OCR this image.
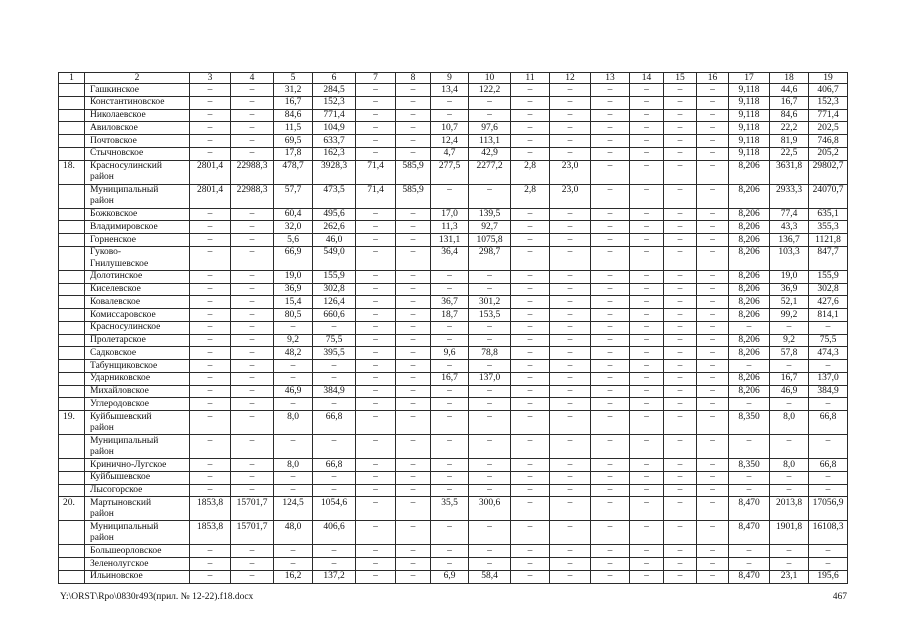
1	2	3	4	5	6	7	8	9	10	11	12	13	14	15	16	17	18	19
	Гашкинское	–	–	31,2	284,5	–	–	13,4	122,2	–	–	–	–	–	–	9,118	44,6	406,7
	Константиновское	–	–	16,7	152,3	–	–	–	–	–	–	–	–	–	–	9,118	16,7	152,3
	Николаевское	–	–	84,6	771,4	–	–	–	–	–	–	–	–	–	–	9,118	84,6	771,4
	Авиловское	–	–	11,5	104,9	–	–	10,7	97,6	–	–	–	–	–	–	9,118	22,2	202,5
	Почтовское	–	–	69,5	633,7	–	–	12,4	113,1	–	–	–	–	–	–	9,118	81,9	746,8
	Стычновское	–	–	17,8	162,3	–	–	4,7	42,9	–	–	–	–	–	–	9,118	22,5	205,2
18.	Красносулинский район	2801,4	22988,3	478,7	3928,3	71,4	585,9	277,5	2277,2	2,8	23,0	–	–	–	–	8,206	3631,8	29802,7
	Муниципальный район	2801,4	22988,3	57,7	473,5	71,4	585,9	–	–	2,8	23,0	–	–	–	–	8,206	2933,3	24070,7
	Божковское	–	–	60,4	495,6	–	–	17,0	139,5	–	–	–	–	–	–	8,206	77,4	635,1
	Владимировское	–	–	32,0	262,6	–	–	11,3	92,7	–	–	–	–	–	–	8,206	43,3	355,3
	Горненское	–	–	5,6	46,0	–	–	131,1	1075,8	–	–	–	–	–	–	8,206	136,7	1121,8
	Гуково-Гнилушевское	–	–	66,9	549,0	–	–	36,4	298,7	–	–	–	–	–	–	8,206	103,3	847,7
	Долотинское	–	–	19,0	155,9	–	–	–	–	–	–	–	–	–	–	8,206	19,0	155,9
	Киселевское	–	–	36,9	302,8	–	–	–	–	–	–	–	–	–	–	8,206	36,9	302,8
	Ковалевское	–	–	15,4	126,4	–	–	36,7	301,2	–	–	–	–	–	–	8,206	52,1	427,6
	Комиссаровское	–	–	80,5	660,6	–	–	18,7	153,5	–	–	–	–	–	–	8,206	99,2	814,1
	Красносулинское	–	–	–	–	–	–	–	–	–	–	–	–	–	–	–	–	–
	Пролетарское	–	–	9,2	75,5	–	–	–	–	–	–	–	–	–	–	8,206	9,2	75,5
	Садковское	–	–	48,2	395,5	–	–	9,6	78,8	–	–	–	–	–	–	8,206	57,8	474,3
	Табунщиковское	–	–	–	–	–	–	–	–	–	–	–	–	–	–	–	–	–
	Ударниковское	–	–	–	–	–	–	16,7	137,0	–	–	–	–	–	–	8,206	16,7	137,0
	Михайловское	–	–	46,9	384,9	–	–	–	–	–	–	–	–	–	–	8,206	46,9	384,9
	Углеродовское	–	–	–	–	–	–	–	–	–	–	–	–	–	–	–	–	–
19.	Куйбышевский район	–	–	8,0	66,8	–	–	–	–	–	–	–	–	–	–	8,350	8,0	66,8
	Муниципальный район	–	–	–	–	–	–	–	–	–	–	–	–	–	–	–	–	–
	Кринично-Лугское	–	–	8,0	66,8	–	–	–	–	–	–	–	–	–	–	8,350	8,0	66,8
	Куйбышевское	–	–	–	–	–	–	–	–	–	–	–	–	–	–	–	–	–
	Лысогорское	–	–	–	–	–	–	–	–	–	–	–	–	–	–	–	–	–
20.	Мартыновский район	1853,8	15701,7	124,5	1054,6	–	–	35,5	300,6	–	–	–	–	–	–	8,470	2013,8	17056,9
	Муниципальный район	1853,8	15701,7	48,0	406,6	–	–	–	–	–	–	–	–	–	–	8,470	1901,8	16108,3
	Большеорловское	–	–	–	–	–	–	–	–	–	–	–	–	–	–	–	–	–
	Зеленолугское	–	–	–	–	–	–	–	–	–	–	–	–	–	–	–	–	–
	Ильиновское	–	–	16,2	137,2	–	–	6,9	58,4	–	–	–	–	–	–	8,470	23,1	195,6
Y:\ORST\Rpo\0830r493(прил. № 12-22).f18.docx	467
